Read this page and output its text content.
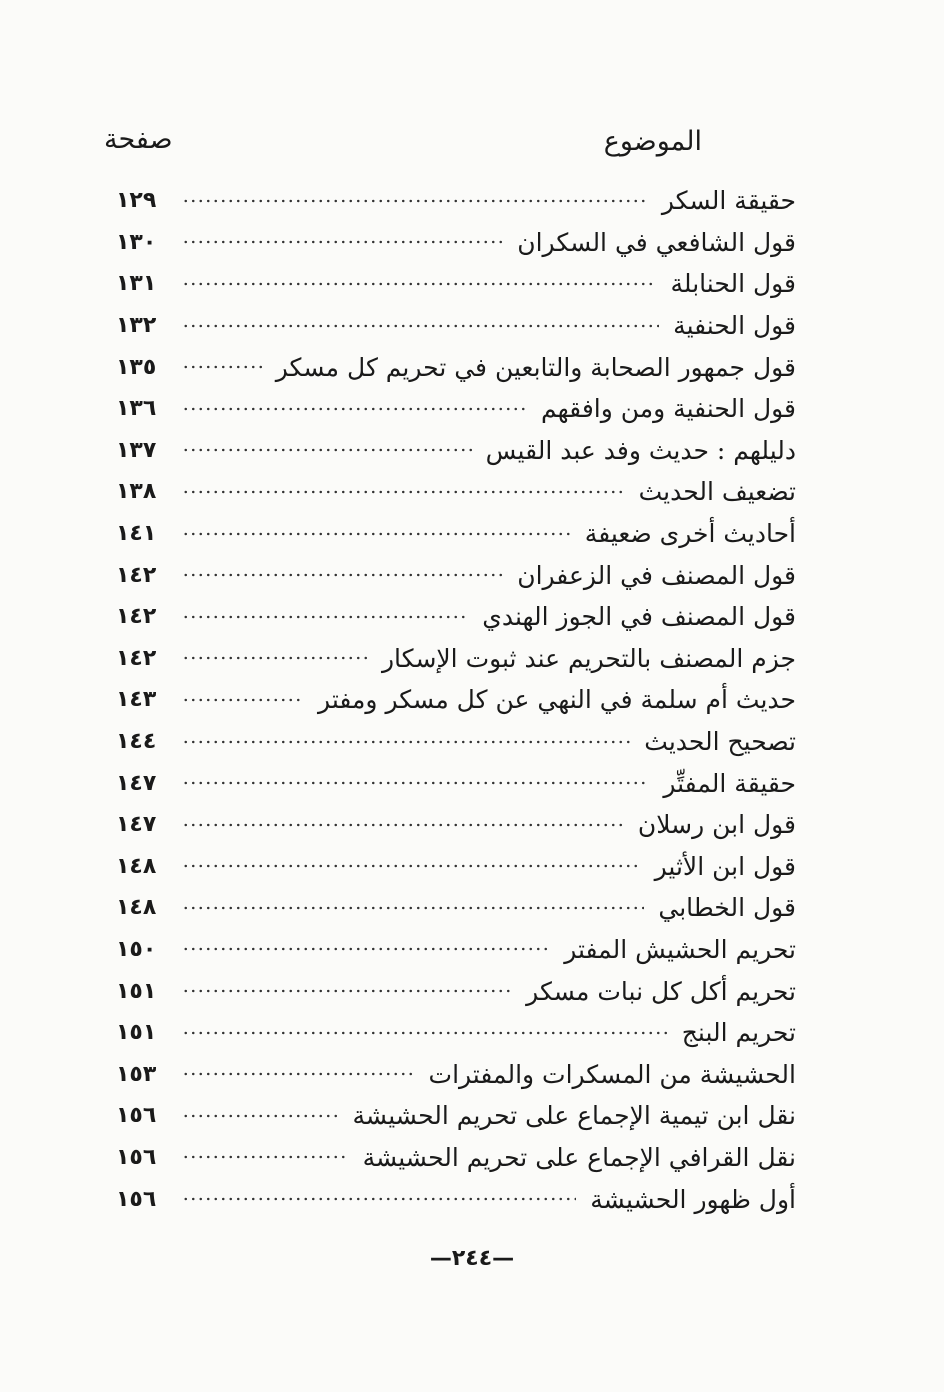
الموضوع
صفحة
حقيقة السكر
١٢٩
قول الشافعي في السكران
١٣٠
قول الحنابلة
١٣١
قول الحنفية
١٣٢
قول جمهور الصحابة والتابعين في تحريم كل مسكر
١٣٥
قول الحنفية ومن وافقهم
١٣٦
دليلهم : حديث وفد عبد القيس
١٣٧
تضعيف الحديث
١٣٨
أحاديث أخرى ضعيفة
١٤١
قول المصنف في الزعفران
١٤٢
قول المصنف في الجوز الهندي
١٤٢
جزم المصنف بالتحريم عند ثبوت الإسكار
١٤٢
حديث أم سلمة في النهي عن كل مسكر ومفتر
١٤٣
تصحيح الحديث
١٤٤
حقيقة المفتِّر
١٤٧
قول ابن رسلان
١٤٧
قول ابن الأثير
١٤٨
قول الخطابي
١٤٨
تحريم الحشيش المفتر
١٥٠
تحريم أكل كل نبات مسكر
١٥١
تحريم البنج
١٥١
الحشيشة من المسكرات والمفترات
١٥٣
نقل ابن تيمية الإجماع على تحريم الحشيشة
١٥٦
نقل القرافي الإجماع على تحريم الحشيشة
١٥٦
أول ظهور الحشيشة
١٥٦
—٢٤٤—
